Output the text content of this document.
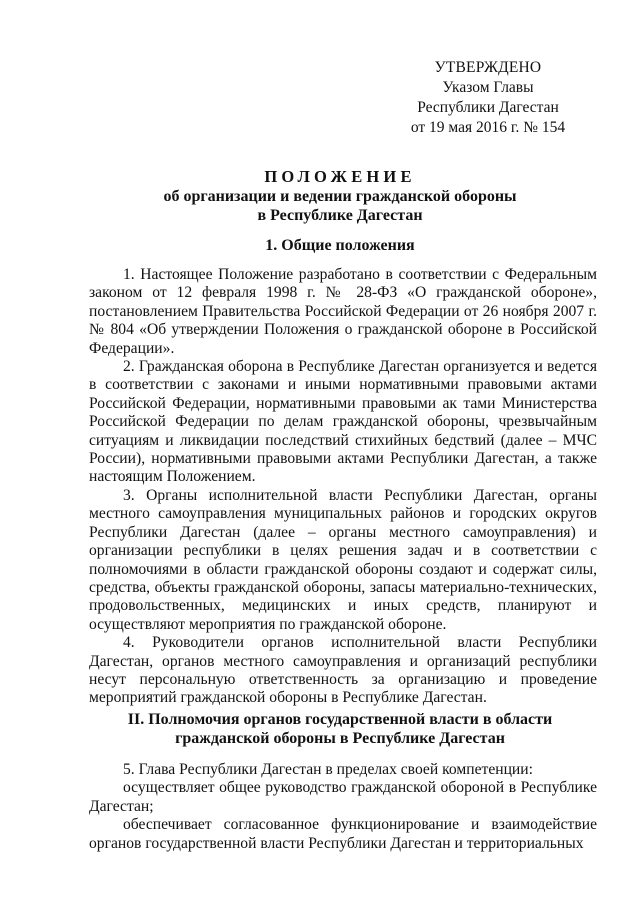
УТВЕРЖДЕНО
Указом Главы
Республики Дагестан
от 19 мая 2016 г. № 154

ПОЛОЖЕНИЕ

об организации и ведении гражданской обороны

в Республике Дагестан

1. Общие положения

1. Настоящее Положение разработано в соответствии с Федеральным законом от 12 февраля 1998 г. № 28-ФЗ «О гражданской обороне», постановлением Правительства Российской Федерации от 26 ноября 2007 г. № 804 «Об утверждении Положения о гражданской обороне в Российской Федерации».

2. Гражданская оборона в Республике Дагестан организуется и ведется в соответствии с законами и иными нормативными правовыми актами Российской Федерации, нормативными правовыми ак тами Министерства Российской Федерации по делам гражданской обороны, чрезвычайным ситуациям и ликвидации последствий стихийных бедствий (далее – МЧС России), нормативными правовыми актами Республики Дагестан, а также настоящим Положением.

3. Органы исполнительной власти Республики Дагестан, органы местного самоуправления муниципальных районов и городских округов Республики Дагестан (далее – органы местного самоуправления) и организации республики в целях решения задач и в соответствии с полномочиями в области гражданской обороны создают и содержат силы, средства, объекты гражданской обороны, запасы материально-технических, продовольственных, медицинских и иных средств, планируют и осуществляют мероприятия по гражданской обороне.

4. Руководители органов исполнительной власти Республики Дагестан, органов местного самоуправления и организаций республики несут персональную ответственность за организацию и проведение мероприятий гражданской обороны в Республике Дагестан.

II. Полномочия органов государственной власти в области
гражданской обороны в Республике Дагестан

5. Глава Республики Дагестан в пределах своей компетенции:

осуществляет общее руководство гражданской обороной в Республике Дагестан;

обеспечивает согласованное функционирование и взаимодействие органов государственной власти Республики Дагестан и территориальных
